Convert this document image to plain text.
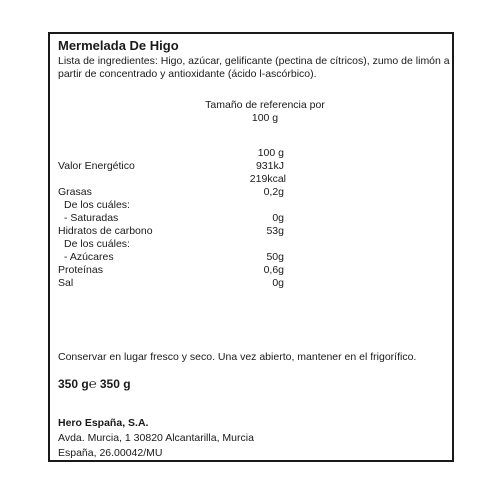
Mermelada De Higo
Lista de ingredientes: Higo, azúcar, gelificante (pectina de cítricos), zumo de limón a partir de concentrado y antioxidante (ácido l-ascórbico).
Tamaño de referencia por
100 g
100 g
Valor Energético	931kJ
219kcal
Grasas	0,2g
De los cuáles:
- Saturadas	0g
Hidratos de carbono	53g
De los cuáles:
- Azúcares	50g
Proteínas	0,6g
Sal	0g
Conservar en lugar fresco y seco. Una vez abierto, mantener en el frigorífico.
350 g℮ 350 g
Hero España, S.A.
Avda. Murcia, 1 30820 Alcantarilla, Murcia
España, 26.00042/MU
